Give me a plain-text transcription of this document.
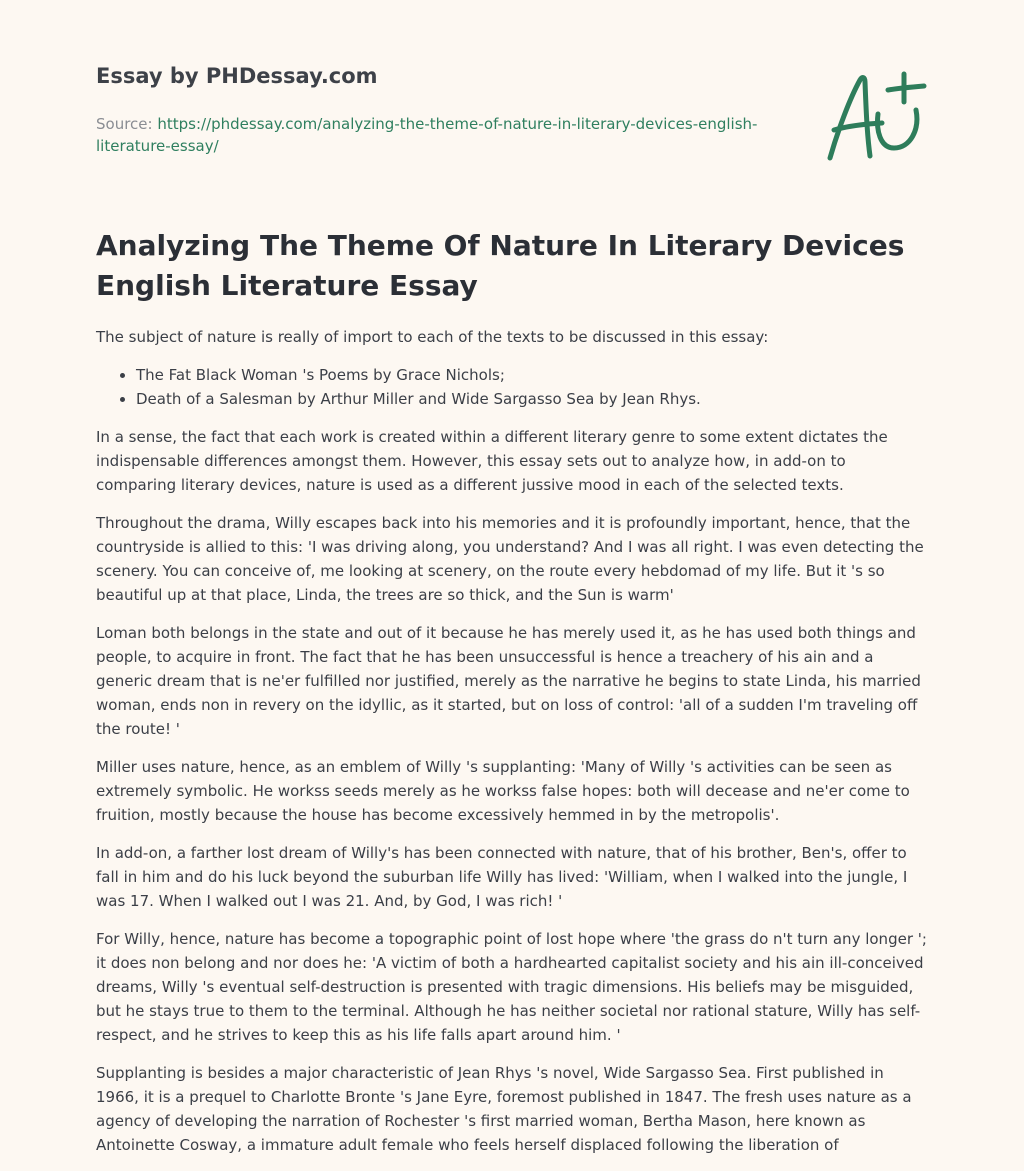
Essay by PHDessay.com

Source: https://phdessay.com/analyzing-the-theme-of-nature-in-literary-devices-english-literature-essay/

Analyzing The Theme Of Nature In Literary Devices English Literature Essay

The subject of nature is really of import to each of the texts to be discussed in this essay:

• The Fat Black Woman 's Poems by Grace Nichols;
• Death of a Salesman by Arthur Miller and Wide Sargasso Sea by Jean Rhys.

In a sense, the fact that each work is created within a different literary genre to some extent dictates the indispensable differences amongst them. However, this essay sets out to analyze how, in add-on to comparing literary devices, nature is used as a different jussive mood in each of the selected texts.

Throughout the drama, Willy escapes back into his memories and it is profoundly important, hence, that the countryside is allied to this: 'I was driving along, you understand? And I was all right. I was even detecting the scenery. You can conceive of, me looking at scenery, on the route every hebdomad of my life. But it 's so beautiful up at that place, Linda, the trees are so thick, and the Sun is warm'

Loman both belongs in the state and out of it because he has merely used it, as he has used both things and people, to acquire in front. The fact that he has been unsuccessful is hence a treachery of his ain and a generic dream that is ne'er fulfilled nor justified, merely as the narrative he begins to state Linda, his married woman, ends non in revery on the idyllic, as it started, but on loss of control: 'all of a sudden I'm traveling off the route! '

Miller uses nature, hence, as an emblem of Willy 's supplanting: 'Many of Willy 's activities can be seen as extremely symbolic. He workss seeds merely as he workss false hopes: both will decease and ne'er come to fruition, mostly because the house has become excessively hemmed in by the metropolis'.

In add-on, a farther lost dream of Willy's has been connected with nature, that of his brother, Ben's, offer to fall in him and do his luck beyond the suburban life Willy has lived: 'William, when I walked into the jungle, I was 17. When I walked out I was 21. And, by God, I was rich! '

For Willy, hence, nature has become a topographic point of lost hope where 'the grass do n't turn any longer '; it does non belong and nor does he: 'A victim of both a hardhearted capitalist society and his ain ill-conceived dreams, Willy 's eventual self-destruction is presented with tragic dimensions. His beliefs may be misguided, but he stays true to them to the terminal. Although he has neither societal nor rational stature, Willy has self-respect, and he strives to keep this as his life falls apart around him. '

Supplanting is besides a major characteristic of Jean Rhys 's novel, Wide Sargasso Sea. First published in 1966, it is a prequel to Charlotte Bronte 's Jane Eyre, foremost published in 1847. The fresh uses nature as a agency of developing the narration of Rochester 's first married woman, Bertha Mason, here known as Antoinette Cosway, a immature adult female who feels herself displaced following the liberation of
